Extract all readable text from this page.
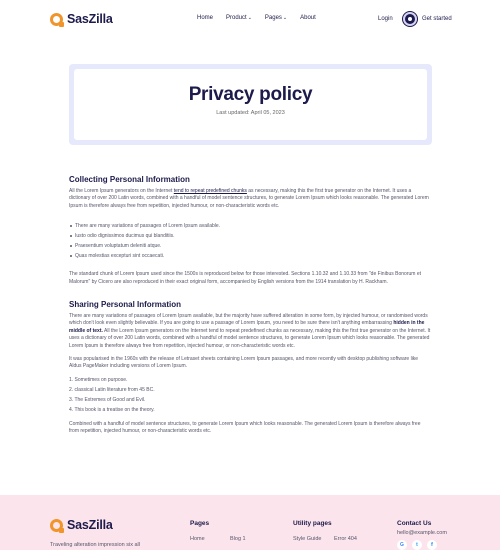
SasZilla	Home Product⌄ Pages⌄ About	Login	Get started
Privacy policy
Last updated: April 05, 2023
Collecting Personal Information

All the Lorem Ipsum generators on the Internet tend to repeat predefined chunks as necessary, making this the first true generator on the Internet. It uses a dictionary of over 200 Latin words, combined with a handful of model sentence structures, to generate Lorem Ipsum which looks reasonable. The generated Lorem Ipsum is therefore always free from repetition, injected humour, or non-characteristic words etc.

There are many variations of passages of Lorem Ipsum available.
Iusto odio dignissimos ducimus qui blanditiis.
Praesentium voluptatum deleniti atque.
Quas molestias excepturi sint occaecati.

The standard chunk of Lorem Ipsum used since the 1500s is reproduced below for those interested. Sections 1.10.32 and 1.10.33 from "de Finibus Bonorum et Malorum" by Cicero are also reproduced in their exact original form, accompanied by English versions from the 1914 translation by H. Rackham.

Sharing Personal Information

There are many variations of passages of Lorem Ipsum available, but the majority have suffered alteration in some form, by injected humour, or randomised words which don't look even slightly believable. If you are going to use a passage of Lorem Ipsum, you need to be sure there isn't anything embarrassing hidden in the middle of text. All the Lorem Ipsum generators on the Internet tend to repeat predefined chunks as necessary, making this the first true generator on the Internet. It uses a dictionary of over 200 Latin words, combined with a handful of model sentence structures, to generate Lorem Ipsum which looks reasonable. The generated Lorem Ipsum is therefore always free from repetition, injected humour, or non-characteristic words etc.

It was popularised in the 1960s with the release of Letraset sheets containing Lorem Ipsum passages, and more recently with desktop publishing software like Aldus PageMaker including versions of Lorem Ipsum.

1. Sometimes on purpose.
2. classical Latin literature from 45 BC.
3. The Extremes of Good and Evil.
4. This book is a treatise on the theory.

Combined with a handful of model sentence structures, to generate Lorem Ipsum which looks reasonable. The generated Lorem Ipsum is therefore always free from repetition, injected humour, or non-characteristic words etc.

SasZilla
Traveling alteration impression six all
Pages
Home	Blog 1
Utility pages
Style Guide Error 404
Contact Us
hello@example.com
G	t	f
